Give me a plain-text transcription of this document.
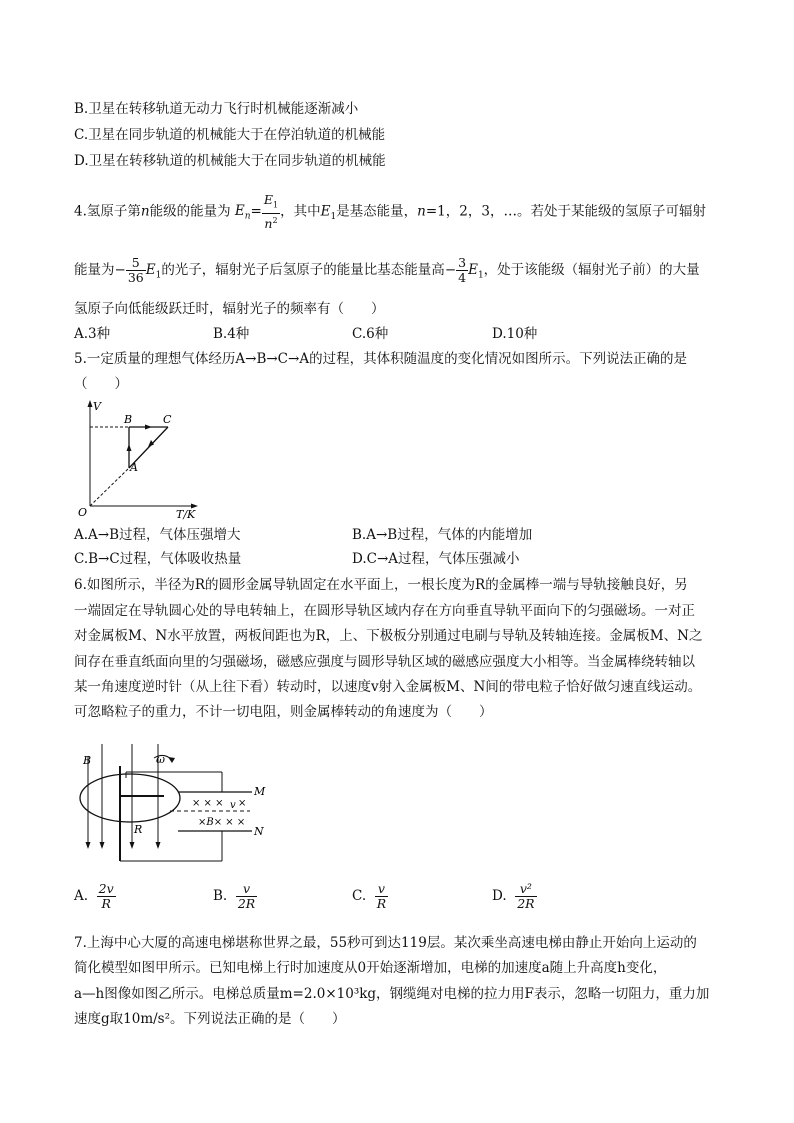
B.卫星在转移轨道无动力飞行时机械能逐渐减小
C.卫星在同步轨道的机械能大于在停泊轨道的机械能
D.卫星在转移轨道的机械能大于在同步轨道的机械能
4.氢原子第n能级的能量为 $E_n= \frac{E_1}{n^2}$ ，其中$E_1$是基态能量，n=1，2，3，…。若处于某能级的氢原子可辐射
能量为− $\frac{5}{36} E_1$的光子，辐射光子后氢原子的能量比基态能量高− $\frac{3}{4} E_1$，处于该能级（辐射光子前）的大量
氢原子向低能级跃迁时，辐射光子的频率有（　　）
A.3种	B.4种	C.6种	D.10种
5.一定质量的理想气体经历A→B→C→A的过程，其体积随温度的变化情况如图所示。下列说法正确的是
（　　）
V
T/K
O
B	C
A
A.A→B过程，气体压强增大	B.A→B过程，气体的内能增加
C.B→C过程，气体吸收热量	D.C→A过程，气体压强减小
6.如图所示，半径为R的圆形金属导轨固定在水平面上，一根长度为R的金属棒一端与导轨接触良好，另
一端固定在导轨圆心处的导电转轴上，在圆形导轨区域内存在方向垂直导轨平面向下的匀强磁场。一对正
对金属板M、N水平放置，两板间距也为R，上、下极板分别通过电刷与导轨及转轴连接。金属板M、N之
间存在垂直纸面向里的匀强磁场，磁感应强度与圆形导轨区域的磁感应强度大小相等。当金属棒绕转轴以
某一角速度逆时针（从上往下看）转动时，以速度v射入金属板M、N间的带电粒子恰好做匀速直线运动。
可忽略粒子的重力，不计一切电阻，则金属棒转动的角速度为（　　）
B	ω
R
M
N
× × × v ×
×B× × ×
A. $\frac{2v}{R}$	B. $\frac{v}{2R}$	C. $\frac{v}{R}$	D. $\frac{\text{v²}}{2R}$
7.上海中心大厦的高速电梯堪称世界之最，55秒可到达119层。某次乘坐高速电梯由静止开始向上运动的
简化模型如图甲所示。已知电梯上行时加速度从0开始逐渐增加，电梯的加速度a随上升高度h变化，
a—h图像如图乙所示。电梯总质量m=2.0×10³kg，钢缆绳对电梯的拉力用F表示，忽略一切阻力，重力加
速度g取10m/s²。下列说法正确的是（　　）
